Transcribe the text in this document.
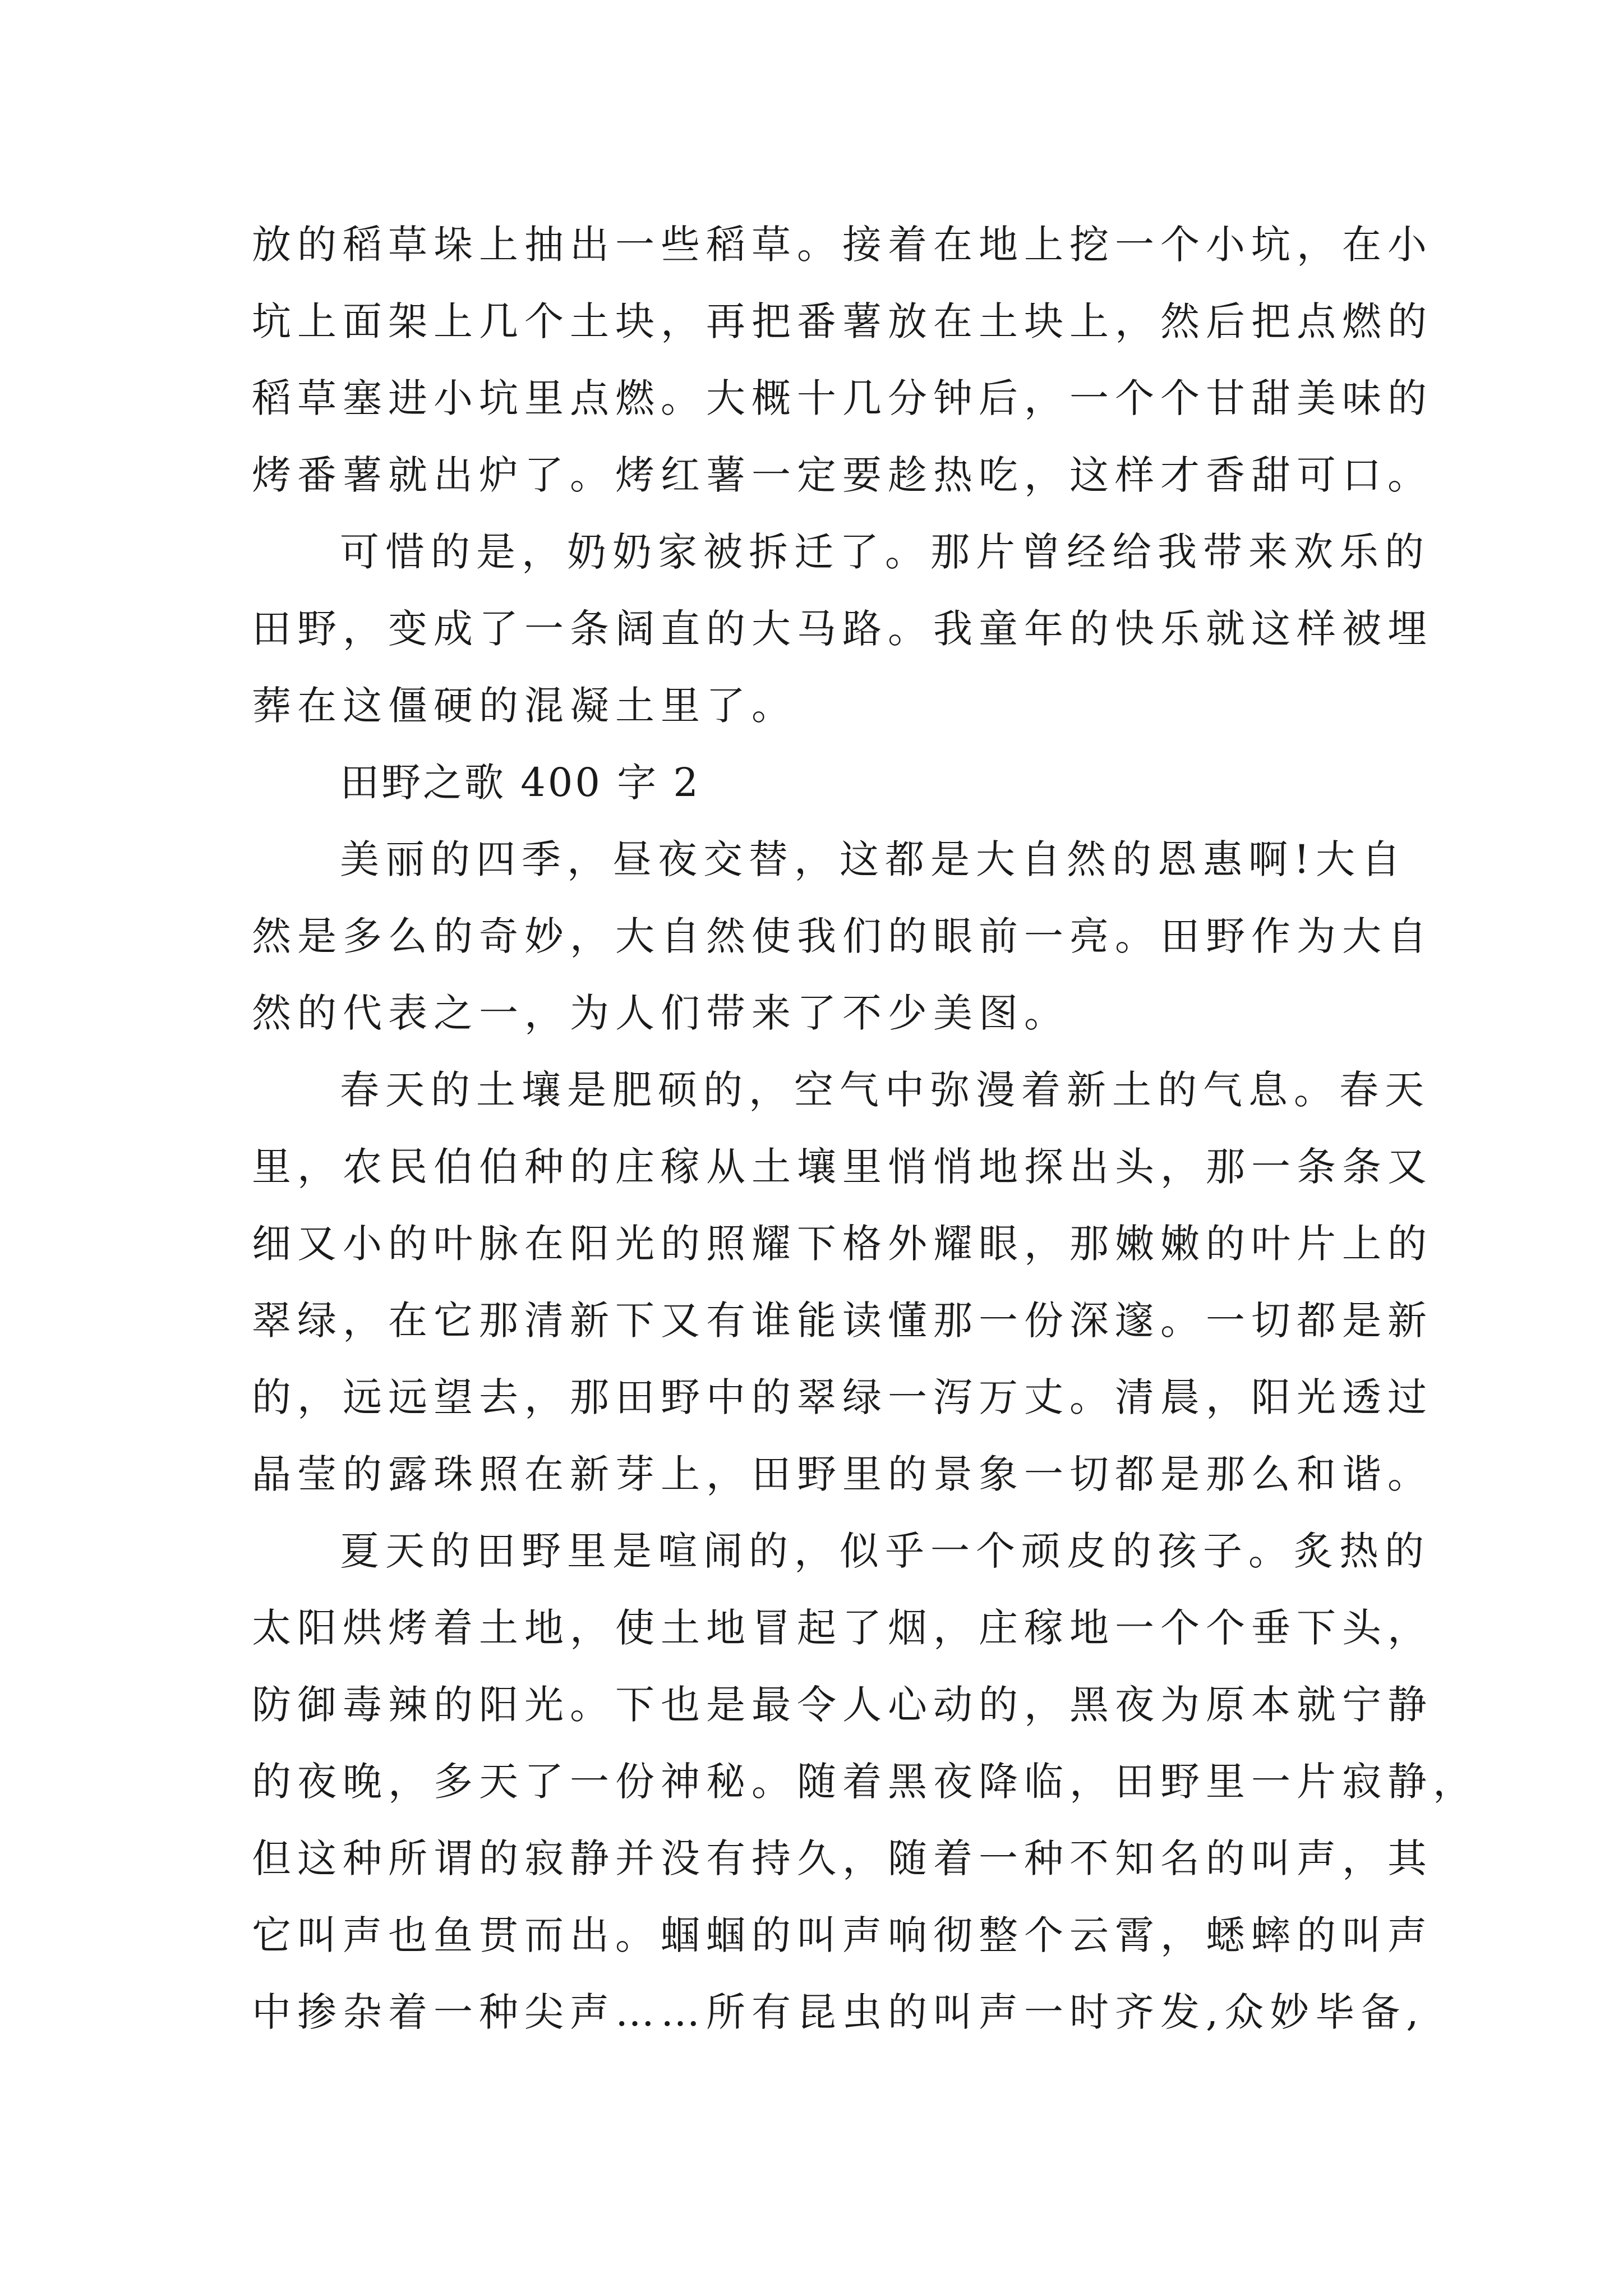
放的稻草垛上抽出一些稻草。接着在地上挖一个小坑，在小
坑上面架上几个土块，再把番薯放在土块上，然后把点燃的
稻草塞进小坑里点燃。大概十几分钟后，一个个甘甜美味的
烤番薯就出炉了。烤红薯一定要趁热吃，这样才香甜可口。
可惜的是，奶奶家被拆迁了。那片曾经给我带来欢乐的
田野，变成了一条阔直的大马路。我童年的快乐就这样被埋
葬在这僵硬的混凝土里了。
田野之歌 400 字 2
美丽的四季，昼夜交替，这都是大自然的恩惠啊!大自
然是多么的奇妙，大自然使我们的眼前一亮。田野作为大自
然的代表之一，为人们带来了不少美图。
春天的土壤是肥硕的，空气中弥漫着新土的气息。春天
里，农民伯伯种的庄稼从土壤里悄悄地探出头，那一条条又
细又小的叶脉在阳光的照耀下格外耀眼，那嫩嫩的叶片上的
翠绿，在它那清新下又有谁能读懂那一份深邃。一切都是新
的，远远望去，那田野中的翠绿一泻万丈。清晨，阳光透过
晶莹的露珠照在新芽上，田野里的景象一切都是那么和谐。
夏天的田野里是喧闹的，似乎一个顽皮的孩子。炙热的
太阳烘烤着土地，使土地冒起了烟，庄稼地一个个垂下头，
防御毒辣的阳光。下也是最令人心动的，黑夜为原本就宁静
的夜晚，多天了一份神秘。随着黑夜降临，田野里一片寂静，
但这种所谓的寂静并没有持久，随着一种不知名的叫声，其
它叫声也鱼贯而出。蝈蝈的叫声响彻整个云霄，蟋蟀的叫声
中掺杂着一种尖声……所有昆虫的叫声一时齐发,众妙毕备,
